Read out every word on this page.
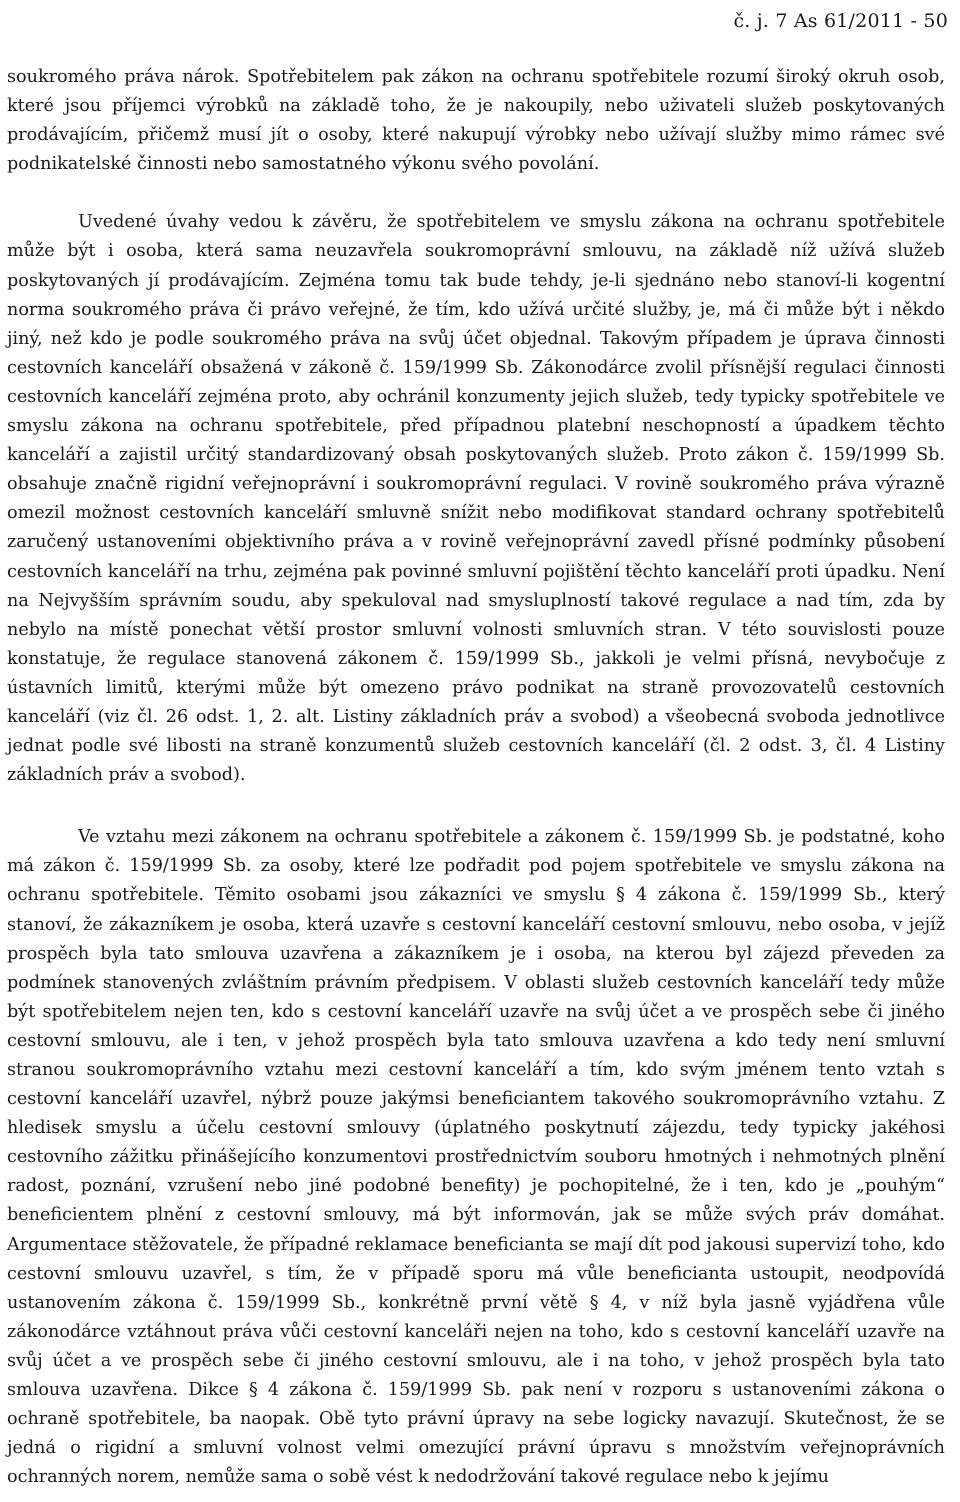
č. j. 7 As 61/2011 - 50

soukromého práva nárok. Spotřebitelem pak zákon na ochranu spotřebitele rozumí široký okruh osob, které jsou příjemci výrobků na základě toho, že je nakoupily, nebo uživateli služeb poskytovaných prodávajícím, přičemž musí jít o osoby, které nakupují výrobky nebo užívají služby mimo rámec své podnikatelské činnosti nebo samostatného výkonu svého povolání.

Uvedené úvahy vedou k závěru, že spotřebitelem ve smyslu zákona na ochranu spotřebitele může být i osoba, která sama neuzavřela soukromoprávní smlouvu, na základě níž užívá služeb poskytovaných jí prodávajícím. Zejména tomu tak bude tehdy, je-li sjednáno nebo stanoví-li kogentní norma soukromého práva či právo veřejné, že tím, kdo užívá určité služby, je, má či může být i někdo jiný, než kdo je podle soukromého práva na svůj účet objednal. Takovým případem je úprava činnosti cestovních kanceláří obsažená v zákoně č. 159/1999 Sb. Zákonodárce zvolil přísnější regulaci činnosti cestovních kanceláří zejména proto, aby ochránil konzumenty jejich služeb, tedy typicky spotřebitele ve smyslu zákona na ochranu spotřebitele, před případnou platební neschopností a úpadkem těchto kanceláří a zajistil určitý standardizovaný obsah poskytovaných služeb. Proto zákon č. 159/1999 Sb. obsahuje značně rigidní veřejnoprávní i soukromoprávní regulaci. V rovině soukromého práva výrazně omezil možnost cestovních kanceláří smluvně snížit nebo modifikovat standard ochrany spotřebitelů zaručený ustanoveními objektivního práva a v rovině veřejnoprávní zavedl přísné podmínky působení cestovních kanceláří na trhu, zejména pak povinné smluvní pojištění těchto kanceláří proti úpadku. Není na Nejvyšším správním soudu, aby spekuloval nad smysluplností takové regulace a nad tím, zda by nebylo na místě ponechat větší prostor smluvní volnosti smluvních stran. V této souvislosti pouze konstatuje, že regulace stanovená zákonem č. 159/1999 Sb., jakkoli je velmi přísná, nevybočuje z ústavních limitů, kterými může být omezeno právo podnikat na straně provozovatelů cestovních kanceláří (viz čl. 26 odst. 1, 2. alt. Listiny základních práv a svobod) a všeobecná svoboda jednotlivce jednat podle své libosti na straně konzumentů služeb cestovních kanceláří (čl. 2 odst. 3, čl. 4 Listiny základních práv a svobod).

Ve vztahu mezi zákonem na ochranu spotřebitele a zákonem č. 159/1999 Sb. je podstatné, koho má zákon č. 159/1999 Sb. za osoby, které lze podřadit pod pojem spotřebitele ve smyslu zákona na ochranu spotřebitele. Těmito osobami jsou zákazníci ve smyslu § 4 zákona č. 159/1999 Sb., který stanoví, že zákazníkem je osoba, která uzavře s cestovní kanceláří cestovní smlouvu, nebo osoba, v jejíž prospěch byla tato smlouva uzavřena a zákazníkem je i osoba, na kterou byl zájezd převeden za podmínek stanovených zvláštním právním předpisem. V oblasti služeb cestovních kanceláří tedy může být spotřebitelem nejen ten, kdo s cestovní kanceláří uzavře na svůj účet a ve prospěch sebe či jiného cestovní smlouvu, ale i ten, v jehož prospěch byla tato smlouva uzavřena a kdo tedy není smluvní stranou soukromoprávního vztahu mezi cestovní kanceláří a tím, kdo svým jménem tento vztah s cestovní kanceláří uzavřel, nýbrž pouze jakýmsi beneficiantem takového soukromoprávního vztahu. Z hledisek smyslu a účelu cestovní smlouvy (úplatného poskytnutí zájezdu, tedy typicky jakéhosi cestovního zážitku přinášejícího konzumentovi prostřednictvím souboru hmotných i nehmotných plnění radost, poznání, vzrušení nebo jiné podobné benefity) je pochopitelné, že i ten, kdo je „pouhým“ beneficientem plnění z cestovní smlouvy, má být informován, jak se může svých práv domáhat. Argumentace stěžovatele, že případné reklamace beneficianta se mají dít pod jakousi supervizí toho, kdo cestovní smlouvu uzavřel, s tím, že v případě sporu má vůle beneficianta ustoupit, neodpovídá ustanovením zákona č. 159/1999 Sb., konkrétně první větě § 4, v níž byla jasně vyjádřena vůle zákonodárce vztáhnout práva vůči cestovní kanceláři nejen na toho, kdo s cestovní kanceláří uzavře na svůj účet a ve prospěch sebe či jiného cestovní smlouvu, ale i na toho, v jehož prospěch byla tato smlouva uzavřena. Dikce § 4 zákona č. 159/1999 Sb. pak není v rozporu s ustanoveními zákona o ochraně spotřebitele, ba naopak. Obě tyto právní úpravy na sebe logicky navazují. Skutečnost, že se jedná o rigidní a smluvní volnost velmi omezující právní úpravu s množstvím veřejnoprávních ochranných norem, nemůže sama o sobě vést k nedodržování takové regulace nebo k jejímu
